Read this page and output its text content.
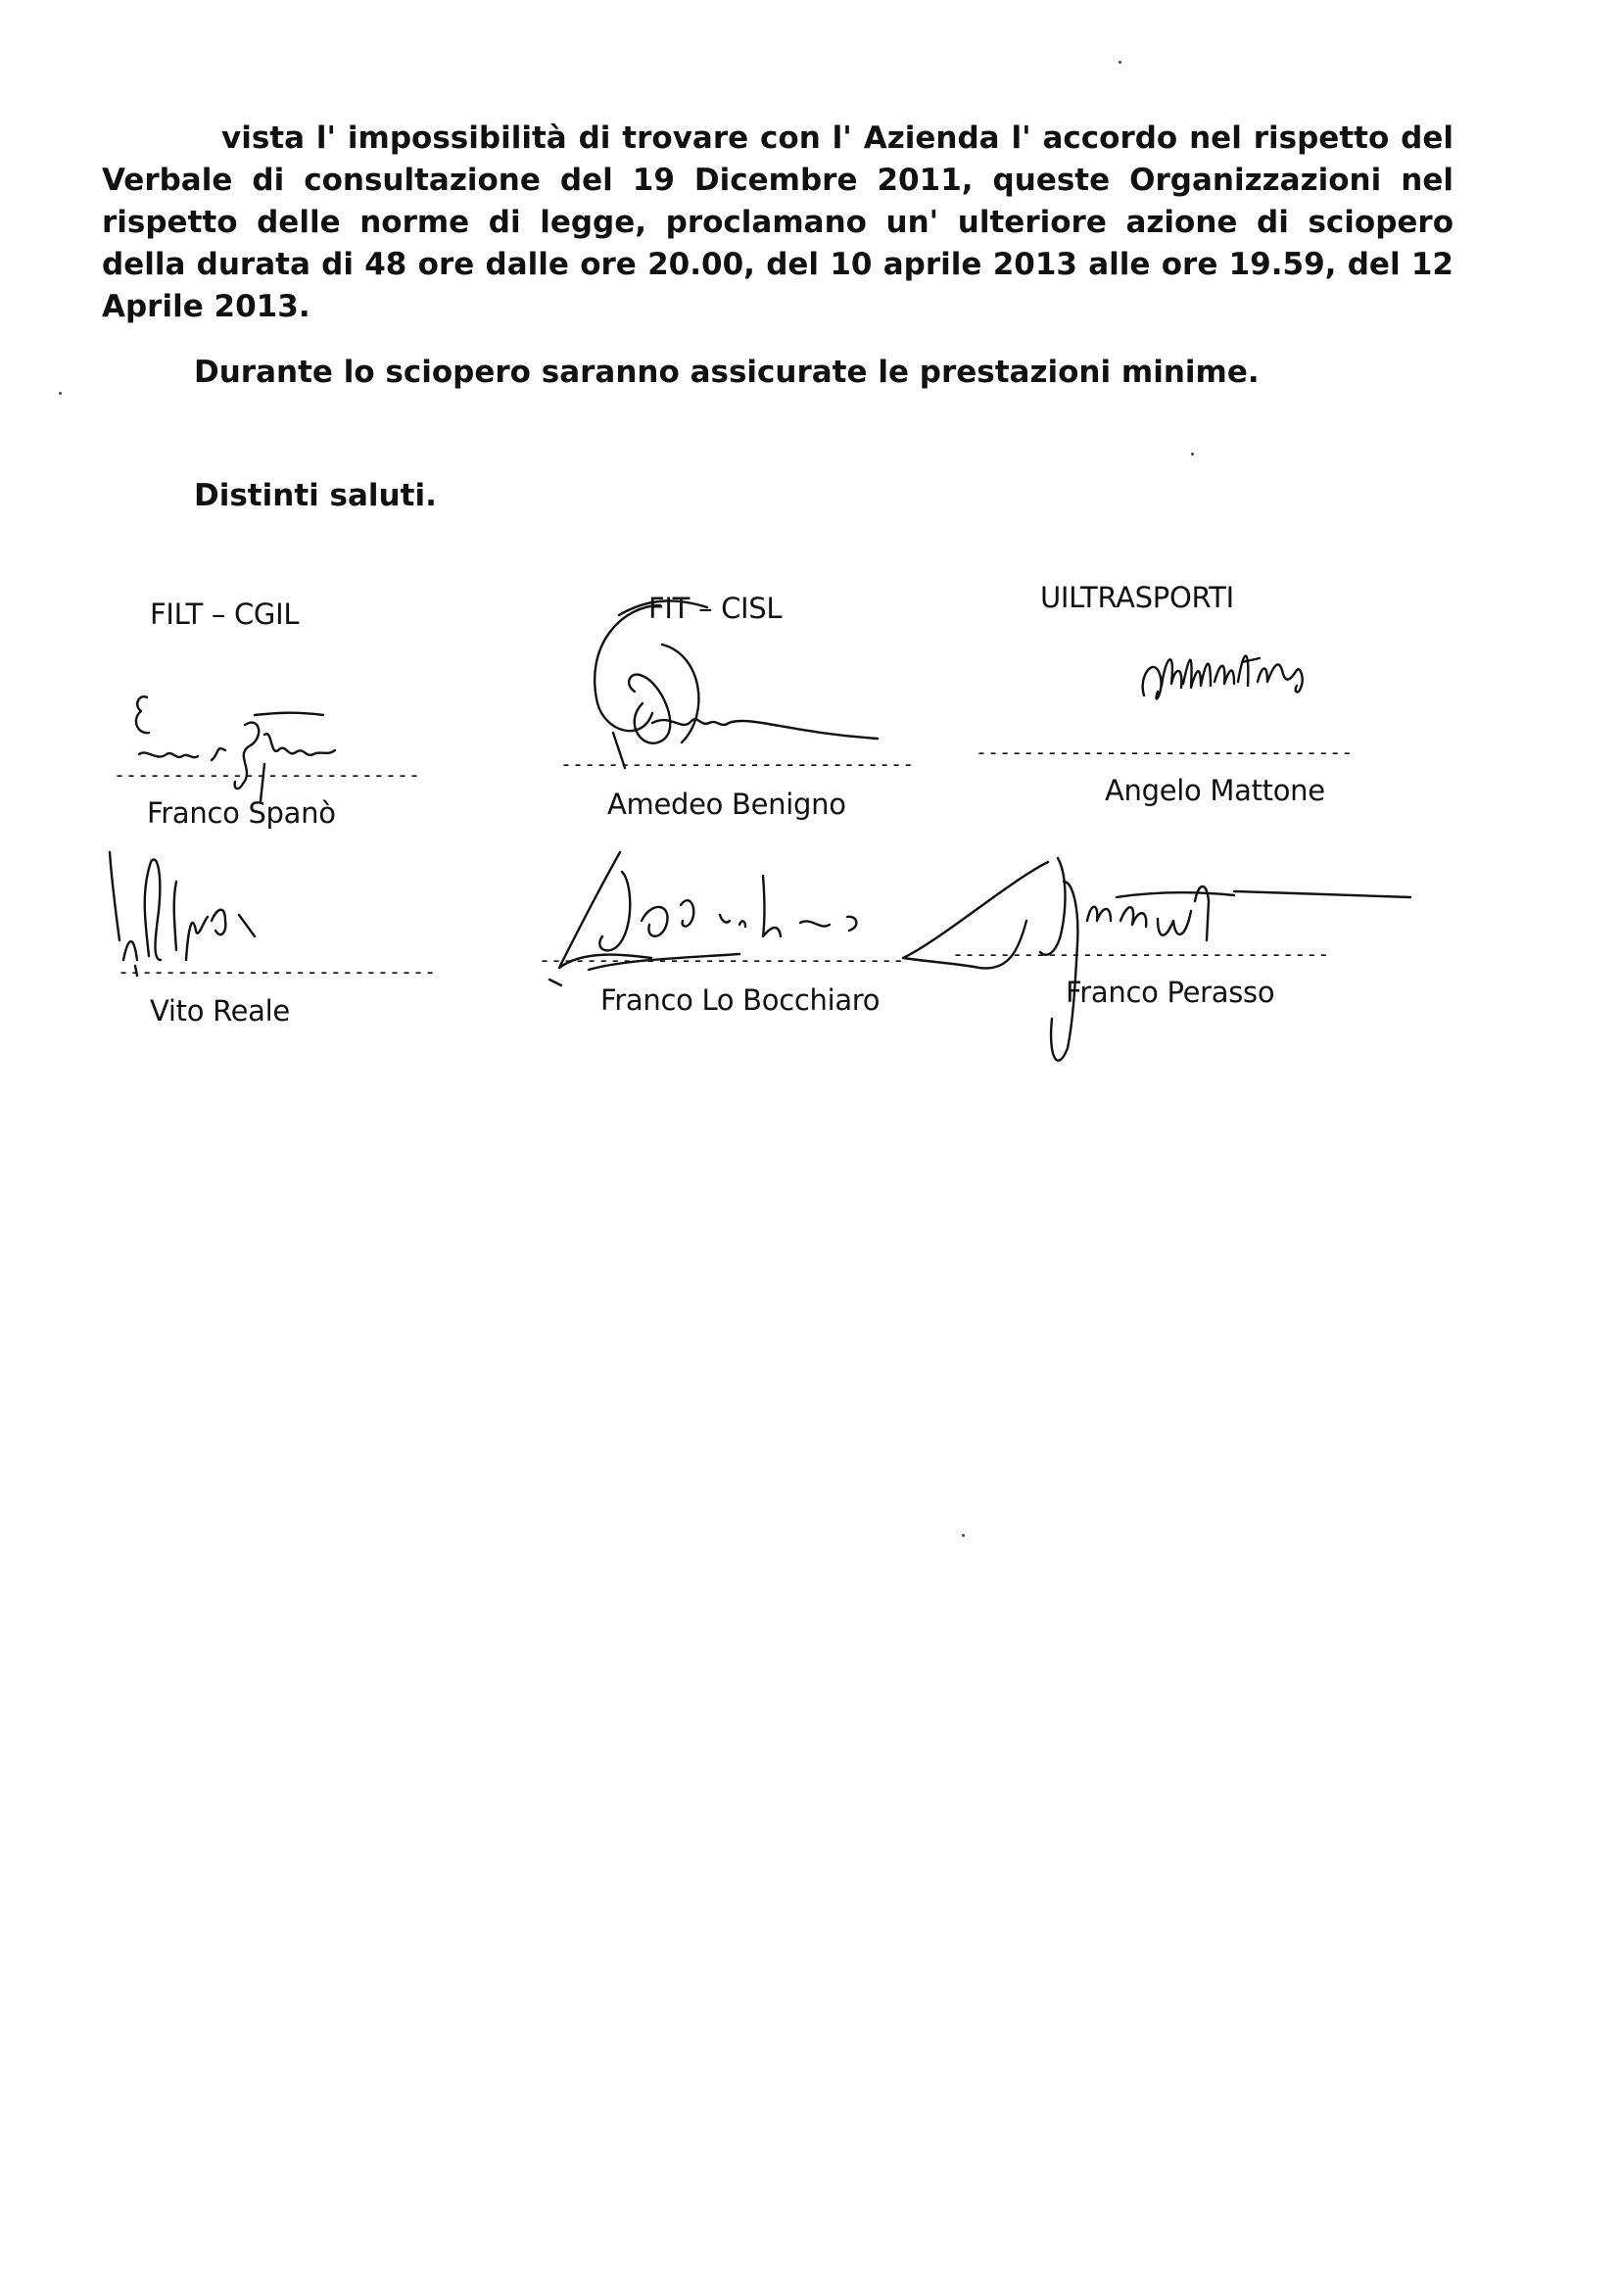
vista l' impossibilità di trovare con l' Azienda l' accordo nel rispetto del Verbale di consultazione del 19 Dicembre 2011, queste Organizzazioni nel rispetto delle norme di legge, proclamano un' ulteriore azione di sciopero della durata di 48 ore dalle ore 20.00, del 10 aprile 2013 alle ore 19.59, del 12 Aprile 2013.

Durante lo sciopero saranno assicurate le prestazioni minime.
Distinti saluti.
FILT – CGIL	FIT – CISL	UILTRASPORTI
--------------------------	------------------------------	--------------------------------
---------------------------	------------------------------- --------------------------------
Franco Spanò	Amedeo Benigno	Angelo Mattone
Vito Reale	Franco Lo Bocchiaro	Franco Perasso
